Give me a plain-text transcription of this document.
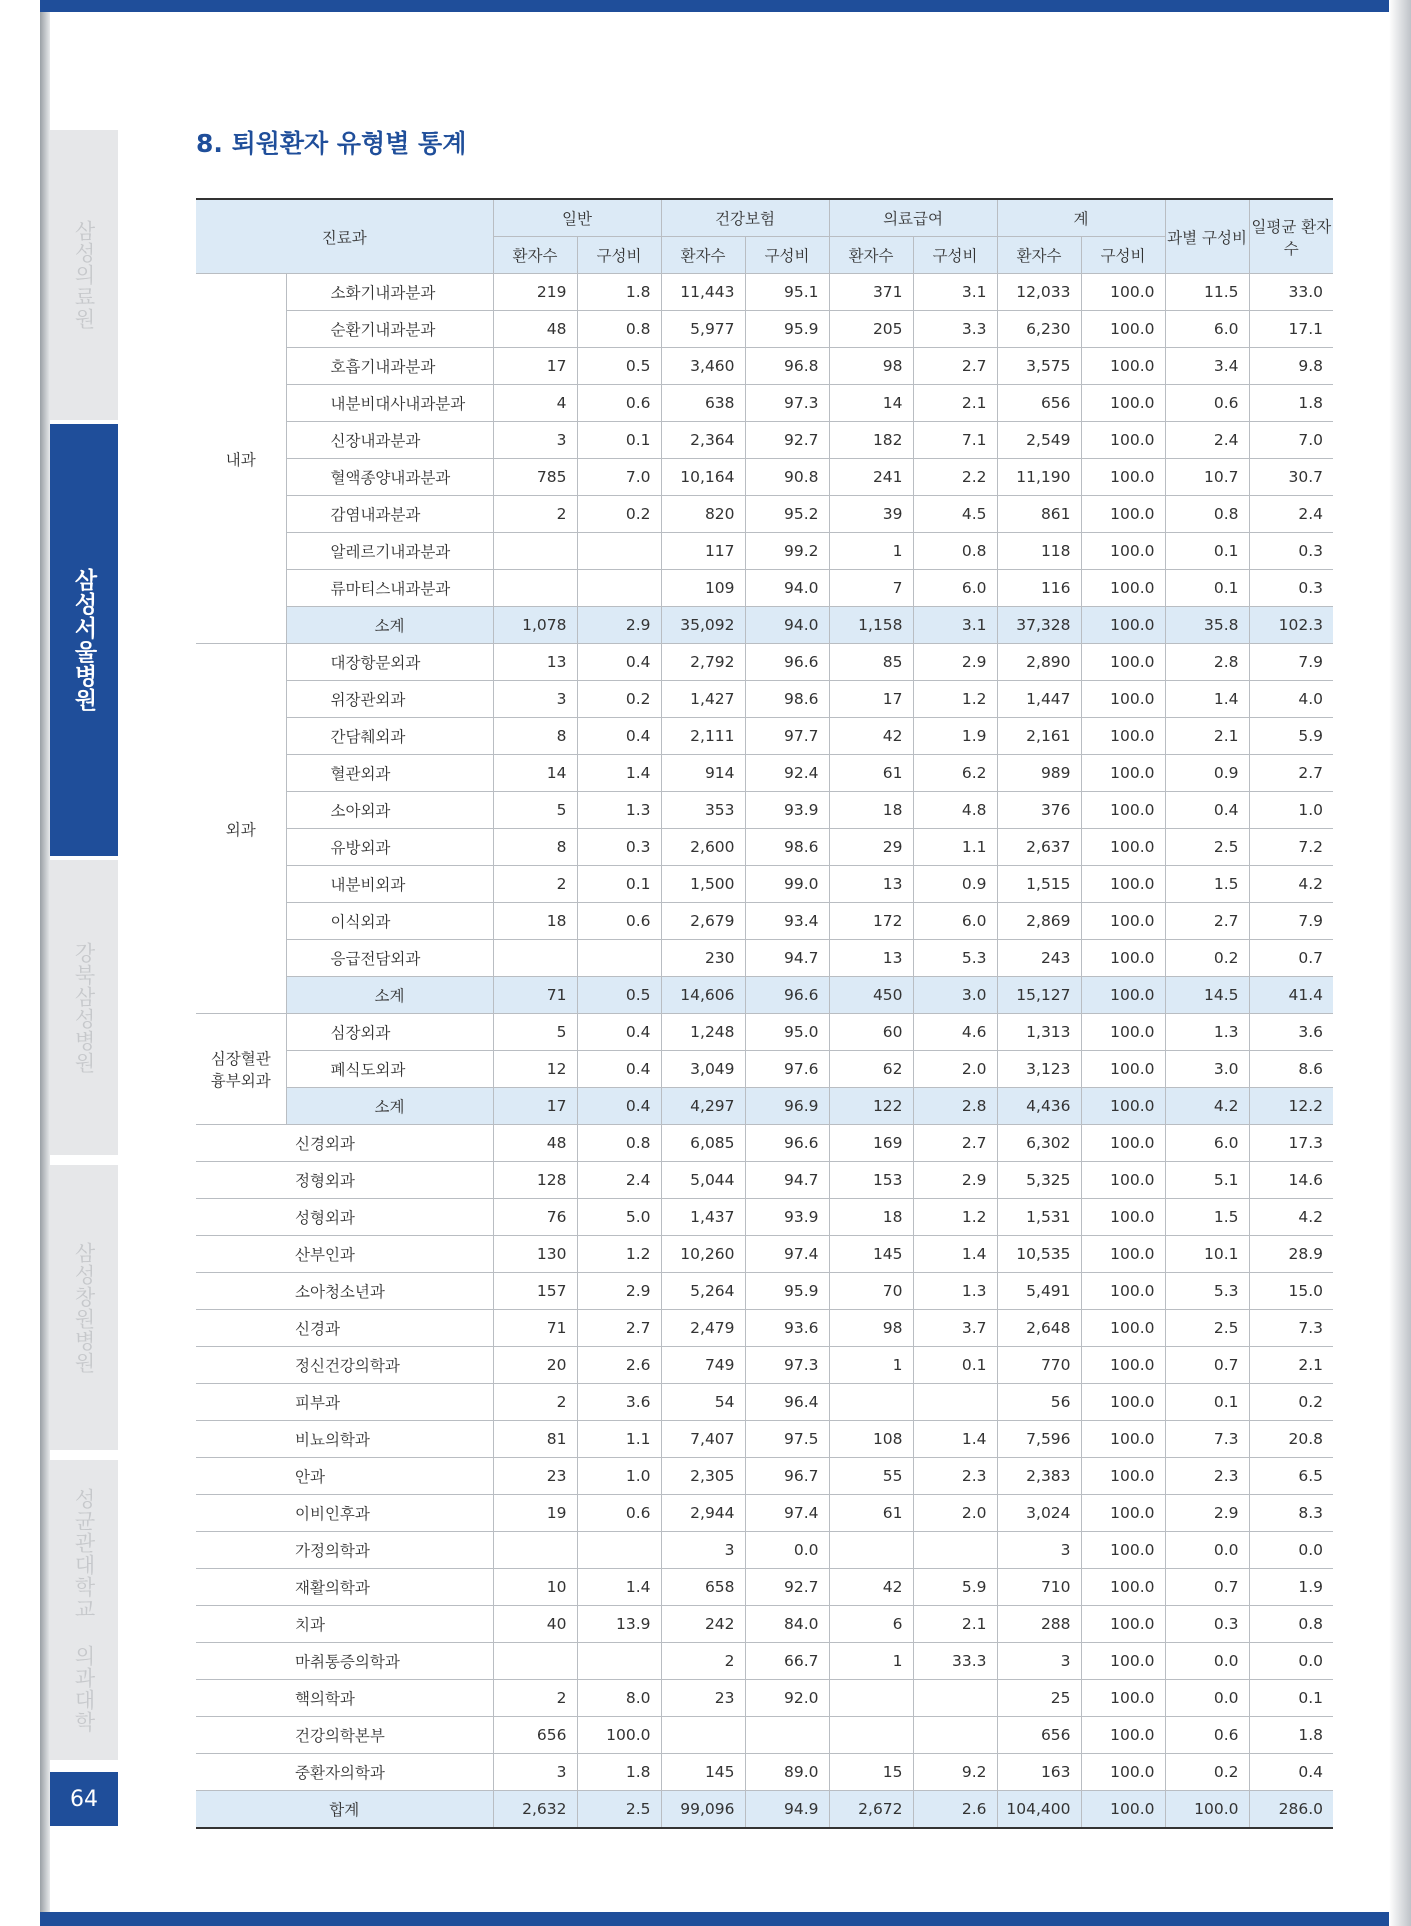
삼성의료원
삼성서울병원
강북삼성병원
삼성창원병원
성균관대학교 의과대학
64
8. 퇴원환자 유형별 통계
진료과		일반		건강보험		의료급여		계		과별 구성비	일평균 환자수
		환자수	구성비	환자수	구성비	환자수	구성비	환자수	구성비		
내과	소화기내과분과	219	1.8	11,443	95.1	371	3.1	12,033	100.0	11.5	33.0
	순환기내과분과	48	0.8	5,977	95.9	205	3.3	6,230	100.0	6.0	17.1
	호흡기내과분과	17	0.5	3,460	96.8	98	2.7	3,575	100.0	3.4	9.8
	내분비대사내과분과	4	0.6	638	97.3	14	2.1	656	100.0	0.6	1.8
	신장내과분과	3	0.1	2,364	92.7	182	7.1	2,549	100.0	2.4	7.0
	혈액종양내과분과	785	7.0	10,164	90.8	241	2.2	11,190	100.0	10.7	30.7
	감염내과분과	2	0.2	820	95.2	39	4.5	861	100.0	0.8	2.4
	알레르기내과분과			117	99.2	1	0.8	118	100.0	0.1	0.3
	류마티스내과분과			109	94.0	7	6.0	116	100.0	0.1	0.3
	소계	1,078	2.9	35,092	94.0	1,158	3.1	37,328	100.0	35.8	102.3
외과	대장항문외과	13	0.4	2,792	96.6	85	2.9	2,890	100.0	2.8	7.9
	위장관외과	3	0.2	1,427	98.6	17	1.2	1,447	100.0	1.4	4.0
	간담췌외과	8	0.4	2,111	97.7	42	1.9	2,161	100.0	2.1	5.9
	혈관외과	14	1.4	914	92.4	61	6.2	989	100.0	0.9	2.7
	소아외과	5	1.3	353	93.9	18	4.8	376	100.0	0.4	1.0
	유방외과	8	0.3	2,600	98.6	29	1.1	2,637	100.0	2.5	7.2
	내분비외과	2	0.1	1,500	99.0	13	0.9	1,515	100.0	1.5	4.2
	이식외과	18	0.6	2,679	93.4	172	6.0	2,869	100.0	2.7	7.9
	응급전담외과			230	94.7	13	5.3	243	100.0	0.2	0.7
	소계	71	0.5	14,606	96.6	450	3.0	15,127	100.0	14.5	41.4

심장혈관
흉부외과	심장외과	5	0.4	1,248	95.0	60	4.6	1,313	100.0	1.3	3.6
	폐식도외과	12	0.4	3,049	97.6	62	2.0	3,123	100.0	3.0	8.6
	소계	17	0.4	4,297	96.9	122	2.8	4,436	100.0	4.2	12.2
신경외과		48	0.8	6,085	96.6	169	2.7	6,302	100.0	6.0	17.3
정형외과		128	2.4	5,044	94.7	153	2.9	5,325	100.0	5.1	14.6
성형외과		76	5.0	1,437	93.9	18	1.2	1,531	100.0	1.5	4.2
산부인과		130	1.2	10,260	97.4	145	1.4	10,535	100.0	10.1	28.9
소아청소년과		157	2.9	5,264	95.9	70	1.3	5,491	100.0	5.3	15.0
신경과		71	2.7	2,479	93.6	98	3.7	2,648	100.0	2.5	7.3
정신건강의학과		20	2.6	749	97.3	1	0.1	770	100.0	0.7	2.1
피부과		2	3.6	54	96.4			56	100.0	0.1	0.2
비뇨의학과		81	1.1	7,407	97.5	108	1.4	7,596	100.0	7.3	20.8
안과		23	1.0	2,305	96.7	55	2.3	2,383	100.0	2.3	6.5
이비인후과		19	0.6	2,944	97.4	61	2.0	3,024	100.0	2.9	8.3
가정의학과				3	0.0			3	100.0	0.0	0.0
재활의학과		10	1.4	658	92.7	42	5.9	710	100.0	0.7	1.9
치과		40	13.9	242	84.0	6	2.1	288	100.0	0.3	0.8
마취통증의학과				2	66.7	1	33.3	3	100.0	0.0	0.0
핵의학과		2	8.0	23	92.0			25	100.0	0.0	0.1
건강의학본부		656	100.0					656	100.0	0.6	1.8
중환자의학과		3	1.8	145	89.0	15	9.2	163	100.0	0.2	0.4
합계		2,632	2.5	99,096	94.9	2,672	2.6	104,400	100.0	100.0	286.0
